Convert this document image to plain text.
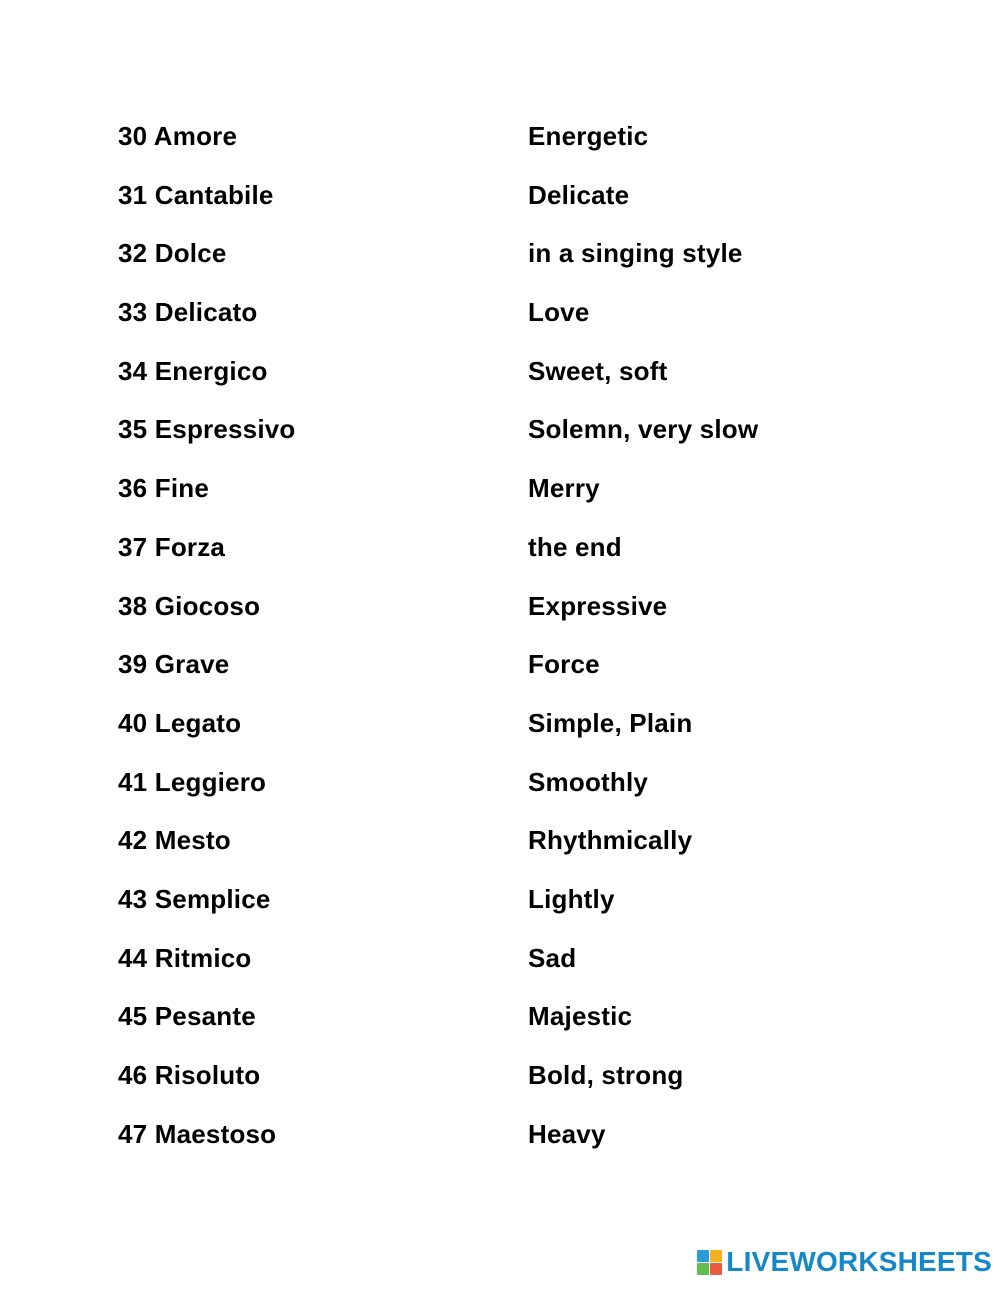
30 Amore	Energetic
31 Cantabile	Delicate
32 Dolce	in a singing style
33 Delicato	Love
34 Energico	Sweet, soft
35 Espressivo	Solemn, very slow
36 Fine	Merry
37 Forza	the end
38 Giocoso	Expressive
39 Grave	Force
40 Legato	Simple, Plain
41 Leggiero	Smoothly
42 Mesto	Rhythmically
43 Semplice	Lightly
44 Ritmico	Sad
45 Pesante	Majestic
46 Risoluto	Bold, strong
47 Maestoso	Heavy
LIVEWORKSHEETS
